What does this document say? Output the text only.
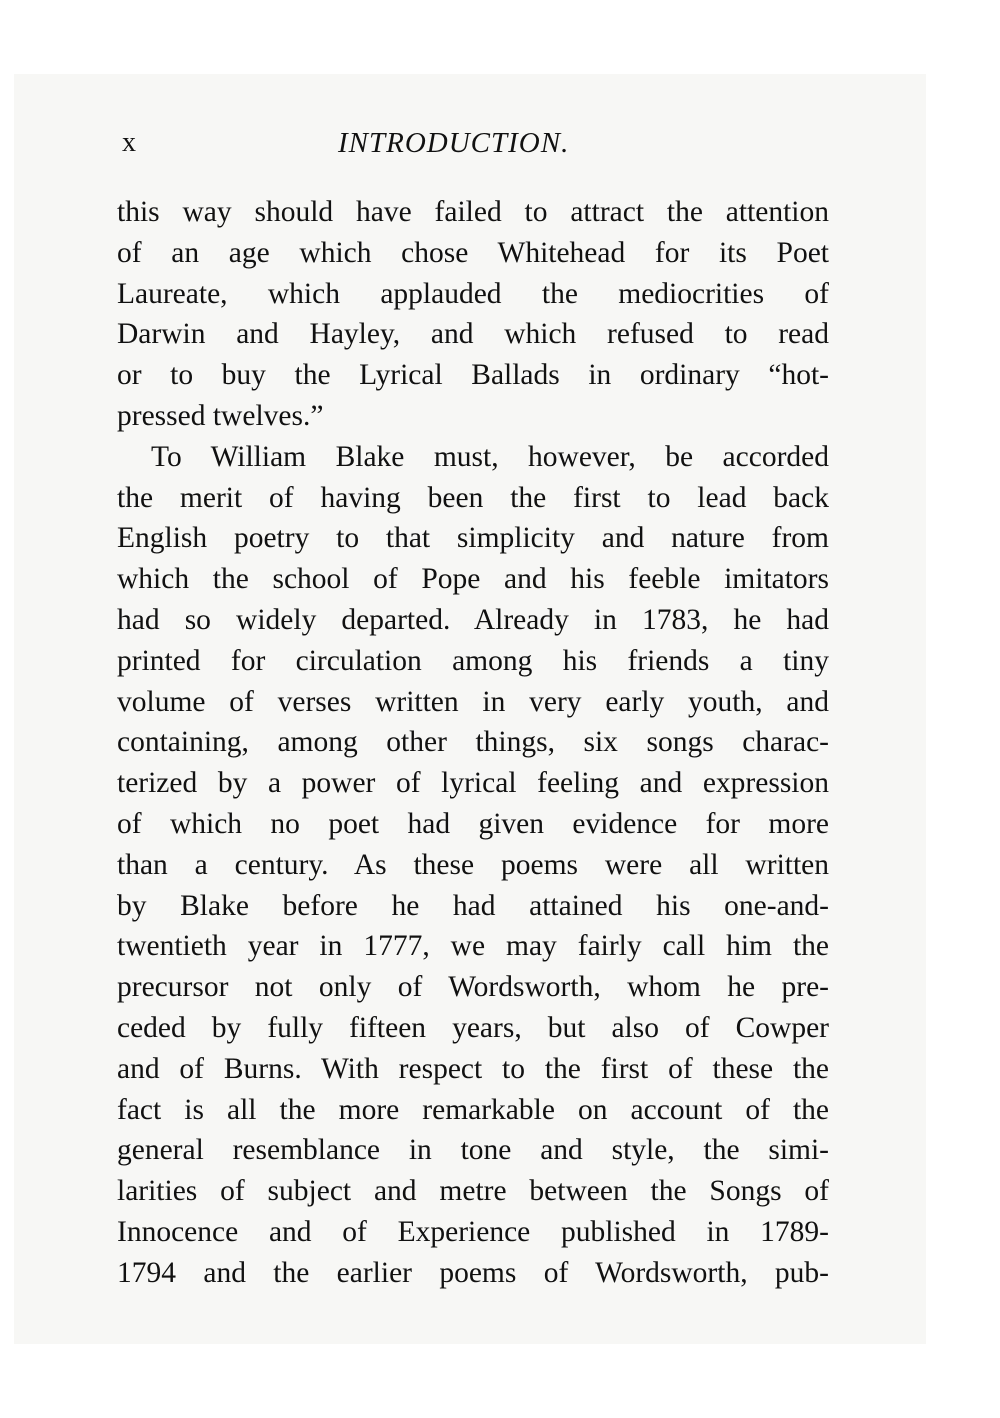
x	INTRODUCTION.
this way should have failed to attract the attention
of an age which chose Whitehead for its Poet
Laureate, which applauded the mediocrities of
Darwin and Hayley, and which refused to read
or to buy the Lyrical Ballads in ordinary “hot-
pressed twelves.”
To William Blake must, however, be accorded
the merit of having been the first to lead back
English poetry to that simplicity and nature from
which the school of Pope and his feeble imitators
had so widely departed. Already in 1783, he had
printed for circulation among his friends a tiny
volume of verses written in very early youth, and
containing, among other things, six songs charac-
terized by a power of lyrical feeling and expression
of which no poet had given evidence for more
than a century. As these poems were all written
by Blake before he had attained his one-and-
twentieth year in 1777, we may fairly call him the
precursor not only of Wordsworth, whom he pre-
ceded by fully fifteen years, but also of Cowper
and of Burns. With respect to the first of these the
fact is all the more remarkable on account of the
general resemblance in tone and style, the simi-
larities of subject and metre between the Songs of
Innocence and of Experience published in 1789-
1794 and the earlier poems of Wordsworth, pub-
